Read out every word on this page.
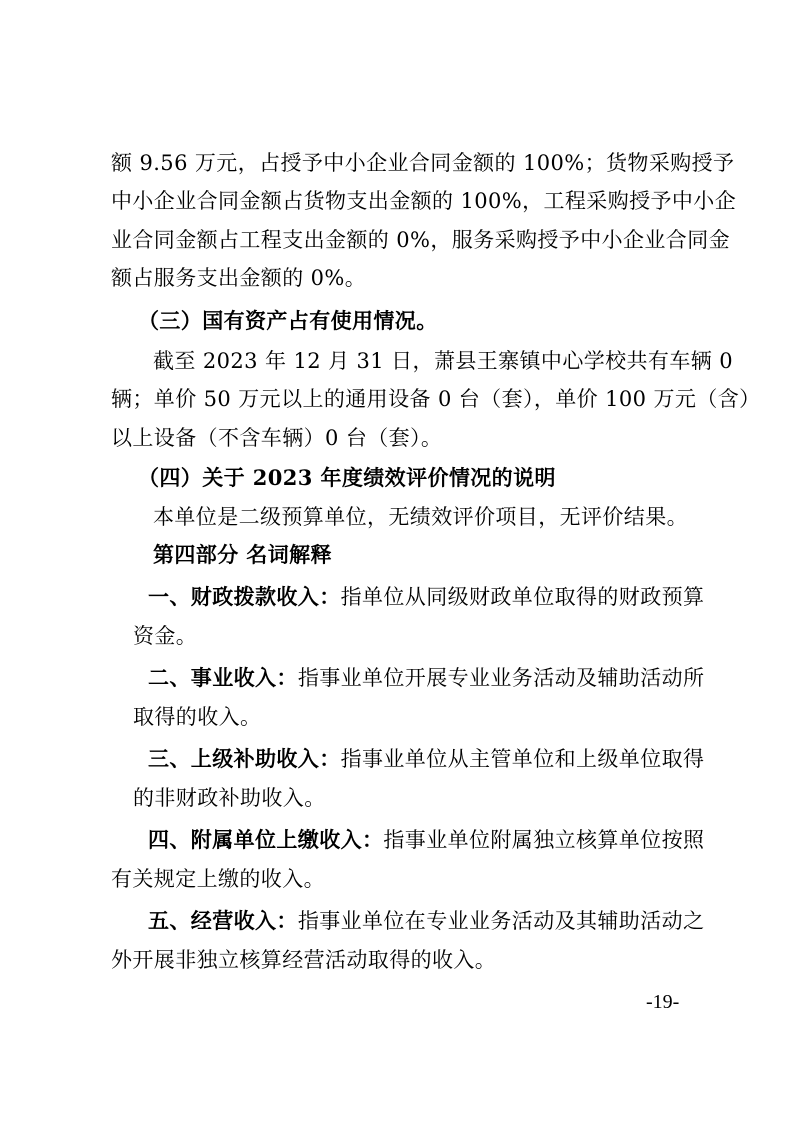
额 9.56 万元，占授予中小企业合同金额的 100%；货物采购授予
中小企业合同金额占货物支出金额的 100%，工程采购授予中小企
业合同金额占工程支出金额的 0%，服务采购授予中小企业合同金
额占服务支出金额的 0%。
（三）国有资产占有使用情况。
截至 2023 年 12 月 31 日，萧县王寨镇中心学校共有车辆 0
辆；单价 50 万元以上的通用设备 0 台（套），单价 100 万元（含）
以上设备（不含车辆）0 台（套）。
（四）关于 2023 年度绩效评价情况的说明
本单位是二级预算单位，无绩效评价项目，无评价结果。
第四部分 名词解释
一、财政拨款收入：指单位从同级财政单位取得的财政预算
资金。
二、事业收入：指事业单位开展专业业务活动及辅助活动所
取得的收入。
三、上级补助收入：指事业单位从主管单位和上级单位取得
的非财政补助收入。
四、附属单位上缴收入：指事业单位附属独立核算单位按照
有关规定上缴的收入。
五、经营收入：指事业单位在专业业务活动及其辅助活动之
外开展非独立核算经营活动取得的收入。
-19-
